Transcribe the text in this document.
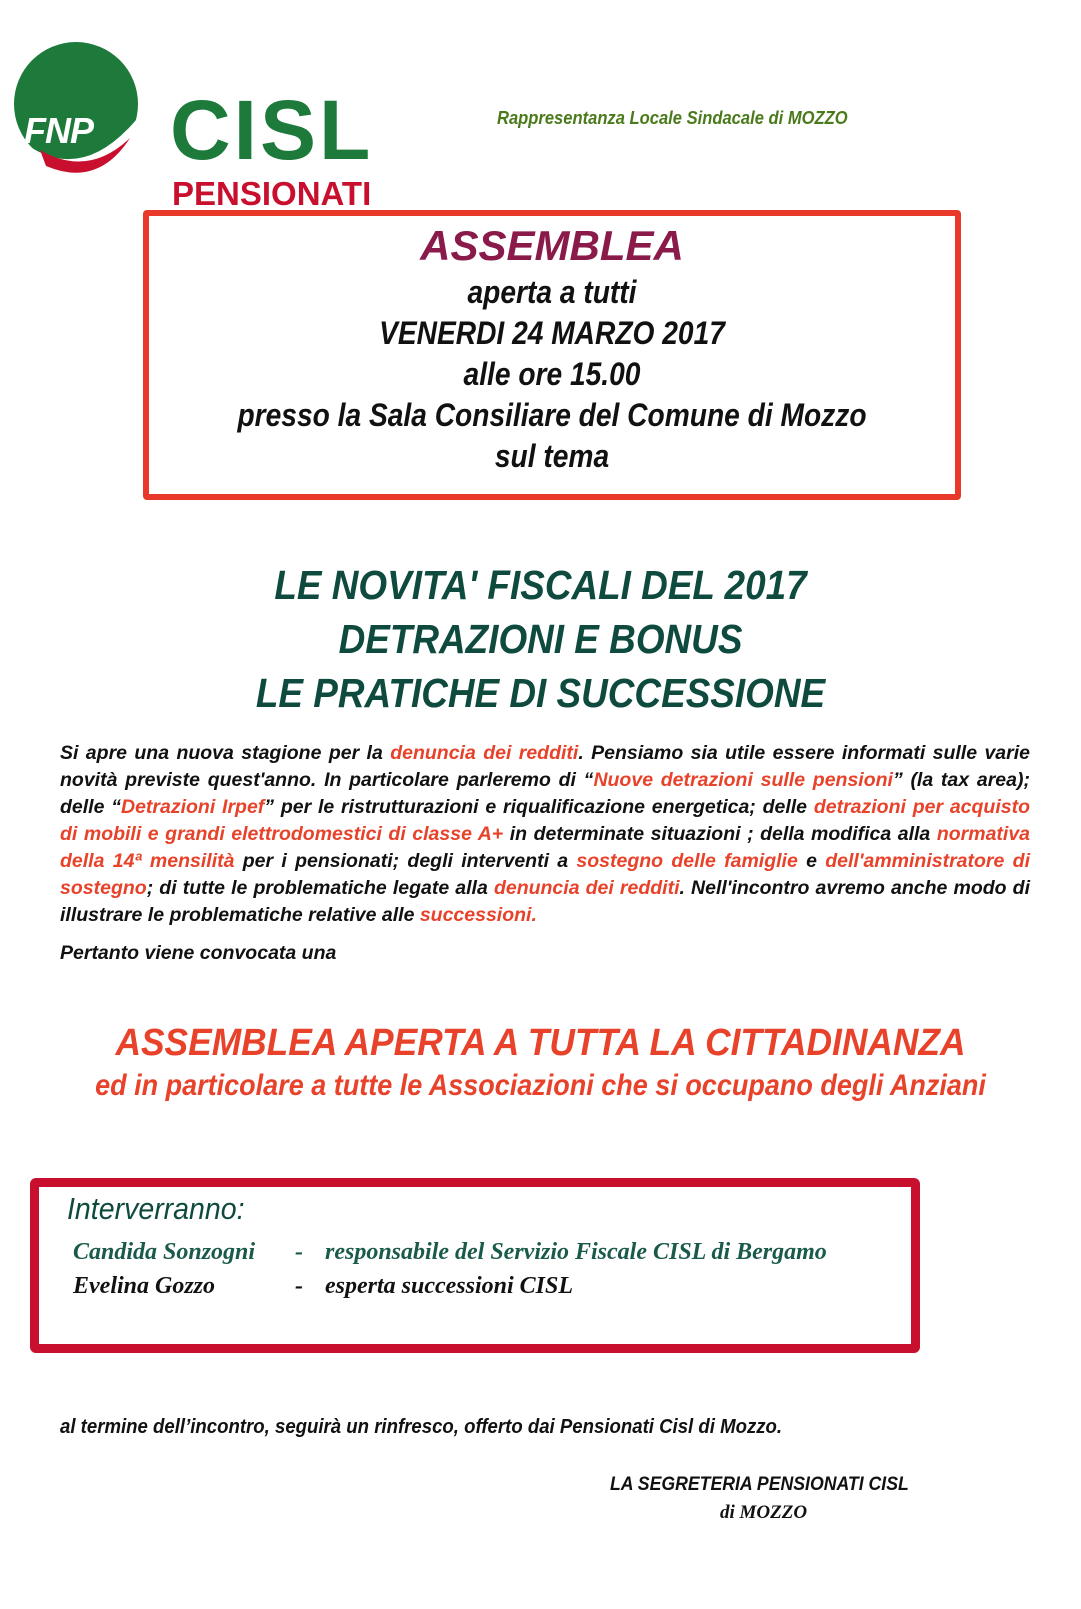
FNP CISL
PENSIONATI
Rappresentanza Locale Sindacale di MOZZO
ASSEMBLEA
aperta a tutti
VENERDI 24 MARZO 2017
alle ore 15.00
presso la Sala Consiliare del Comune di Mozzo
sul tema
LE NOVITA' FISCALI DEL 2017
DETRAZIONI E BONUS
LE PRATICHE DI SUCCESSIONE
Si apre una nuova stagione per la denuncia dei redditi. Pensiamo sia utile essere informati sulle varie novità previste quest'anno. In particolare parleremo di “Nuove detrazioni sulle pensioni” (la tax area); delle “Detrazioni Irpef” per le ristrutturazioni e riqualificazione energetica; delle detrazioni per acquisto di mobili e grandi elettrodomestici di classe A+ in determinate situazioni ; della modifica alla normativa della 14ª mensilità per i pensionati; degli interventi a sostegno delle famiglie e dell'amministratore di sostegno; di tutte le problematiche legate alla denuncia dei redditi. Nell'incontro avremo anche modo di illustrare le problematiche relative alle successioni.
Pertanto viene convocata una
ASSEMBLEA APERTA A TUTTA LA CITTADINANZA
ed in particolare a tutte le Associazioni che si occupano degli Anziani
Interverranno:
Candida Sonzogni - responsabile del Servizio Fiscale CISL di Bergamo
Evelina Gozzo	- esperta successioni CISL
al termine dell’incontro, seguirà un rinfresco, offerto dai Pensionati Cisl di Mozzo.
LA SEGRETERIA PENSIONATI CISL
di MOZZO
